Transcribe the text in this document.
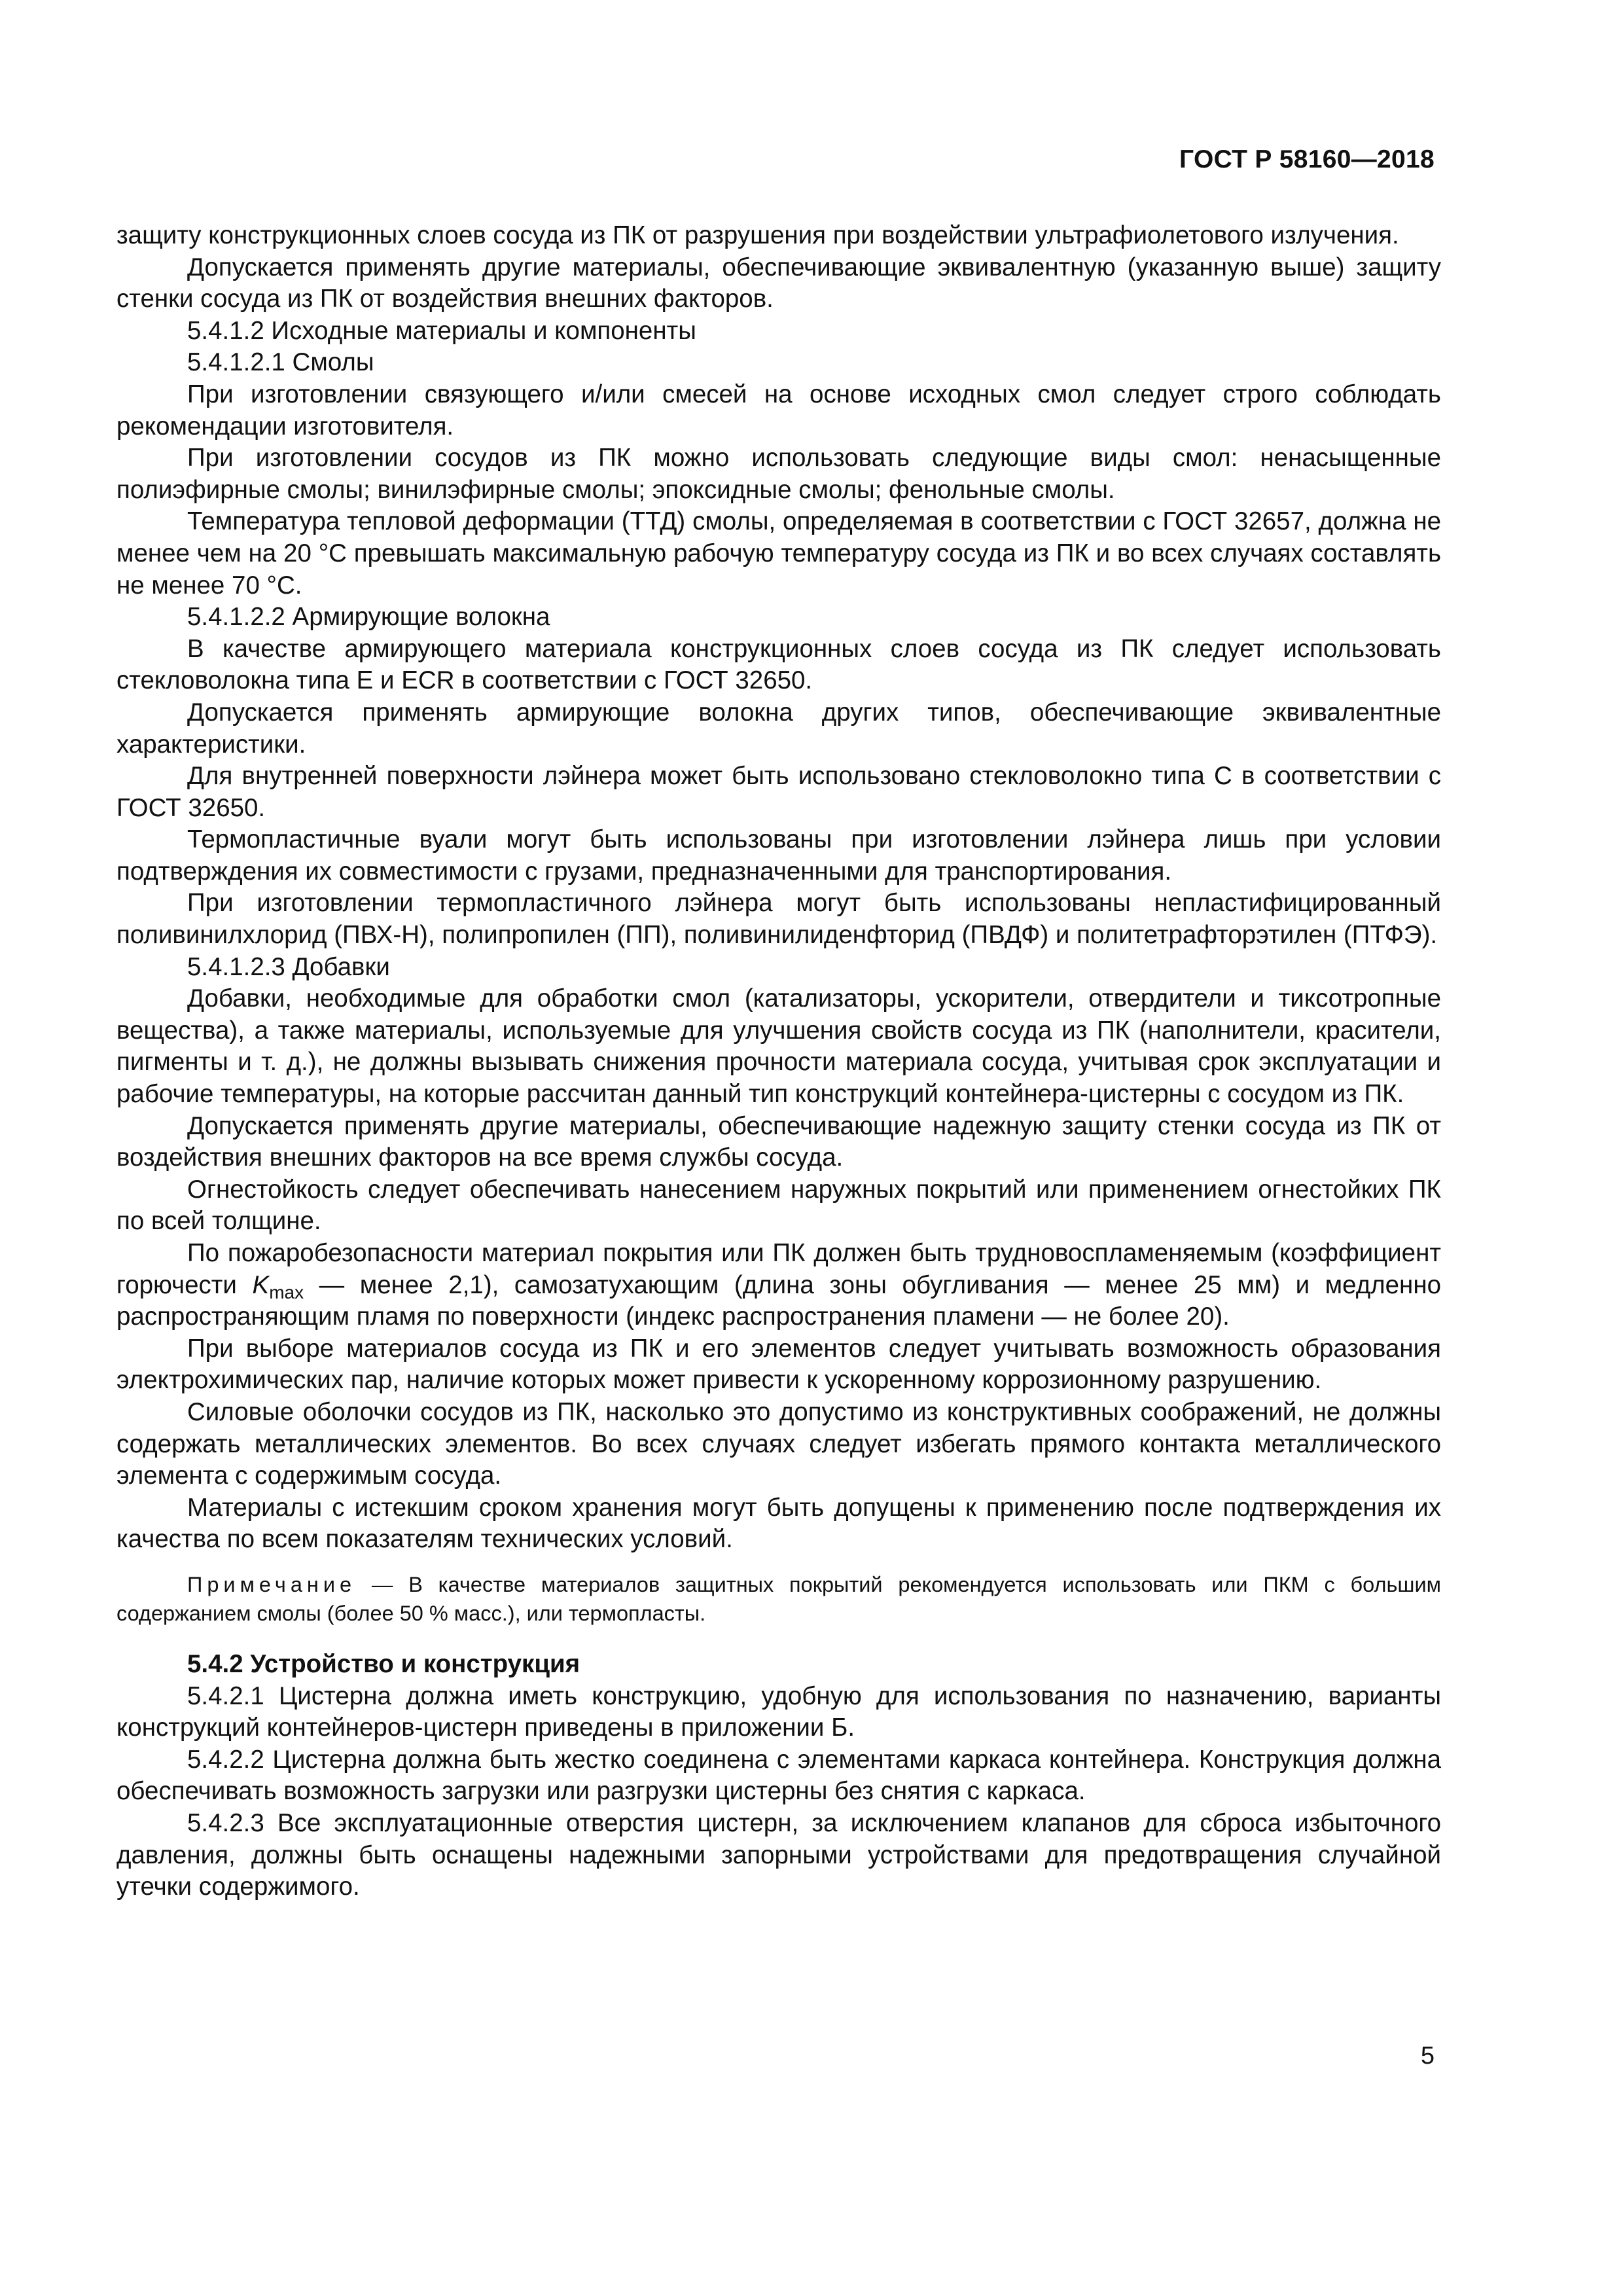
ГОСТ Р 58160—2018

защиту конструкционных слоев сосуда из ПК от разрушения при воздействии ультрафиолетового излучения.

Допускается применять другие материалы, обеспечивающие эквивалентную (указанную выше) защиту стенки сосуда из ПК от воздействия внешних факторов.

5.4.1.2 Исходные материалы и компоненты

5.4.1.2.1 Смолы

При изготовлении связующего и/или смесей на основе исходных смол следует строго соблюдать рекомендации изготовителя.

При изготовлении сосудов из ПК можно использовать следующие виды смол: ненасыщенные полиэфирные смолы; винилэфирные смолы; эпоксидные смолы; фенольные смолы.

Температура тепловой деформации (ТТД) смолы, определяемая в соответствии с ГОСТ 32657, должна не менее чем на 20 °С превышать максимальную рабочую температуру сосуда из ПК и во всех случаях составлять не менее 70 °С.

5.4.1.2.2 Армирующие волокна

В качестве армирующего материала конструкционных слоев сосуда из ПК следует использовать стекловолокна типа E и ECR в соответствии с ГОСТ 32650.

Допускается применять армирующие волокна других типов, обеспечивающие эквивалентные характеристики.

Для внутренней поверхности лэйнера может быть использовано стекловолокно типа С в соответствии с ГОСТ 32650.

Термопластичные вуали могут быть использованы при изготовлении лэйнера лишь при условии подтверждения их совместимости с грузами, предназначенными для транспортирования.

При изготовлении термопластичного лэйнера могут быть использованы непластифицированный поливинилхлорид (ПВХ-Н), полипропилен (ПП), поливинилиденфторид (ПВДФ) и политетрафторэтилен (ПТФЭ).

5.4.1.2.3 Добавки

Добавки, необходимые для обработки смол (катализаторы, ускорители, отвердители и тиксотропные вещества), а также материалы, используемые для улучшения свойств сосуда из ПК (наполнители, красители, пигменты и т. д.), не должны вызывать снижения прочности материала сосуда, учитывая срок эксплуатации и рабочие температуры, на которые рассчитан данный тип конструкций контейнера-цистерны с сосудом из ПК.

Допускается применять другие материалы, обеспечивающие надежную защиту стенки сосуда из ПК от воздействия внешних факторов на все время службы сосуда.

Огнестойкость следует обеспечивать нанесением наружных покрытий или применением огнестойких ПК по всей толщине.

По пожаробезопасности материал покрытия или ПК должен быть трудновоспламеняемым (коэффициент горючести $K_{max}$ — менее 2,1), самозатухающим (длина зоны обугливания — менее 25 мм) и медленно распространяющим пламя по поверхности (индекс распространения пламени — не более 20).

При выборе материалов сосуда из ПК и его элементов следует учитывать возможность образования электрохимических пар, наличие которых может привести к ускоренному коррозионному разрушению.

Силовые оболочки сосудов из ПК, насколько это допустимо из конструктивных соображений, не должны содержать металлических элементов. Во всех случаях следует избегать прямого контакта металлического элемента с содержимым сосуда.

Материалы с истекшим сроком хранения могут быть допущены к применению после подтверждения их качества по всем показателям технических условий.

Примечание — В качестве материалов защитных покрытий рекомендуется использовать или ПКМ с большим содержанием смолы (более 50 % масс.), или термопласты.

5.4.2 Устройство и конструкция

5.4.2.1 Цистерна должна иметь конструкцию, удобную для использования по назначению, варианты конструкций контейнеров-цистерн приведены в приложении Б.

5.4.2.2 Цистерна должна быть жестко соединена с элементами каркаса контейнера. Конструкция должна обеспечивать возможность загрузки или разгрузки цистерны без снятия с каркаса.

5.4.2.3 Все эксплуатационные отверстия цистерн, за исключением клапанов для сброса избыточного давления, должны быть оснащены надежными запорными устройствами для предотвращения случайной утечки содержимого.

5
